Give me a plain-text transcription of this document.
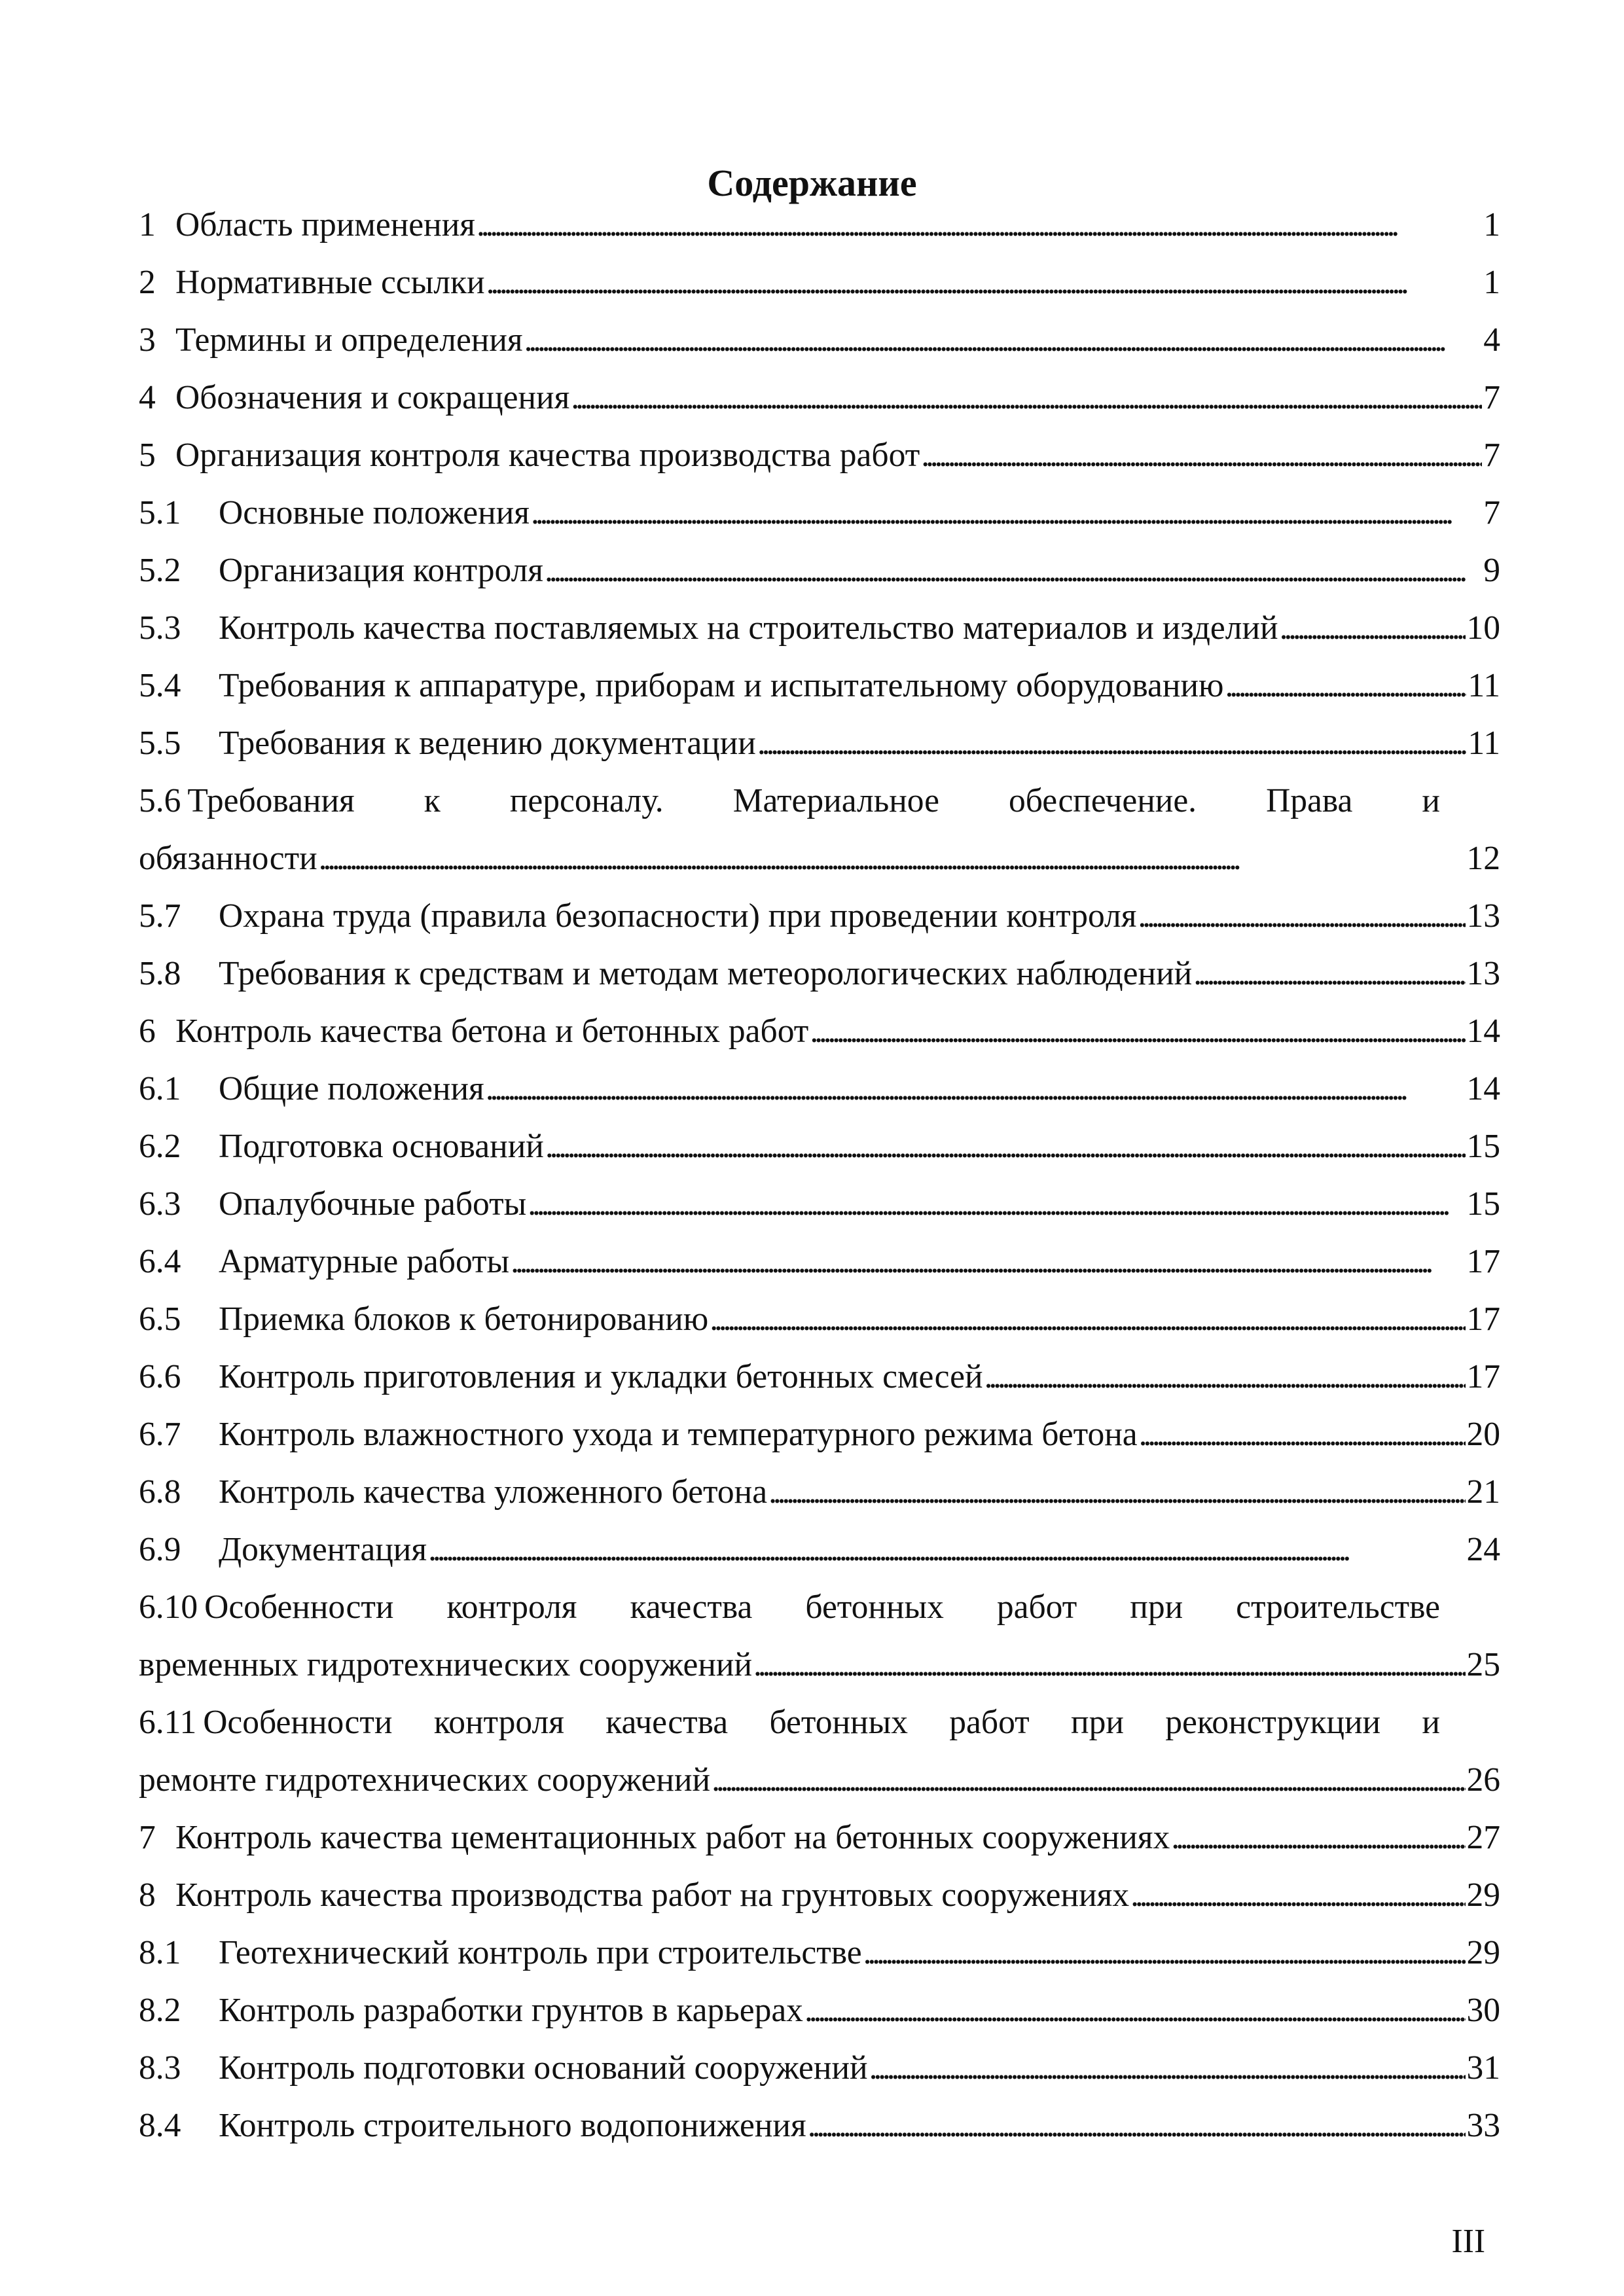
Содержание
1 Область применения . . .	1
2 Нормативные ссылки . . .	1
3 Термины и определения . . .	4
4 Обозначения и сокращения . . .	7
5 Организация контроля качества производства работ . . .	7
5.1	Основные положения . . .	7
5.2	Организация контроля . . .	9
5.3	Контроль качества поставляемых на строительство материалов и изделий . . .	10
5.4	Требования к аппаратуре, приборам и испытательному оборудованию . . .	11
5.5	Требования к ведению документации . . .	11
5.6 Требования к персоналу. Материальное обеспечение. Права и
обязанности . . .	12
5.7	Охрана труда (правила безопасности) при проведении контроля . . .	13
5.8	Требования к средствам и методам метеорологических наблюдений . . .	13
6 Контроль качества бетона и бетонных работ . . .	14
6.1	Общие положения . . .	14
6.2	Подготовка оснований . . .	15
6.3	Опалубочные работы . . .	15
6.4	Арматурные работы . . .	17
6.5	Приемка блоков к бетонированию . . .	17
6.6	Контроль приготовления и укладки бетонных смесей . . .	17
6.7	Контроль влажностного ухода и температурного режима бетона . . .	20
6.8	Контроль качества уложенного бетона . . .	21
6.9	Документация . . .	24
6.10 Особенности контроля качества бетонных работ при строительстве
временных гидротехнических сооружений . . .	25
6.11 Особенности контроля качества бетонных работ при реконструкции и
ремонте гидротехнических сооружений . . .	26
7 Контроль качества цементационных работ на бетонных сооружениях . . .	27
8 Контроль качества производства работ на грунтовых сооружениях . . .	29
8.1	Геотехнический контроль при строительстве . . .	29
8.2	Контроль разработки грунтов в карьерах . . .	30
8.3	Контроль подготовки оснований сооружений . . .	31
8.4	Контроль строительного водопонижения . . .	33
III
